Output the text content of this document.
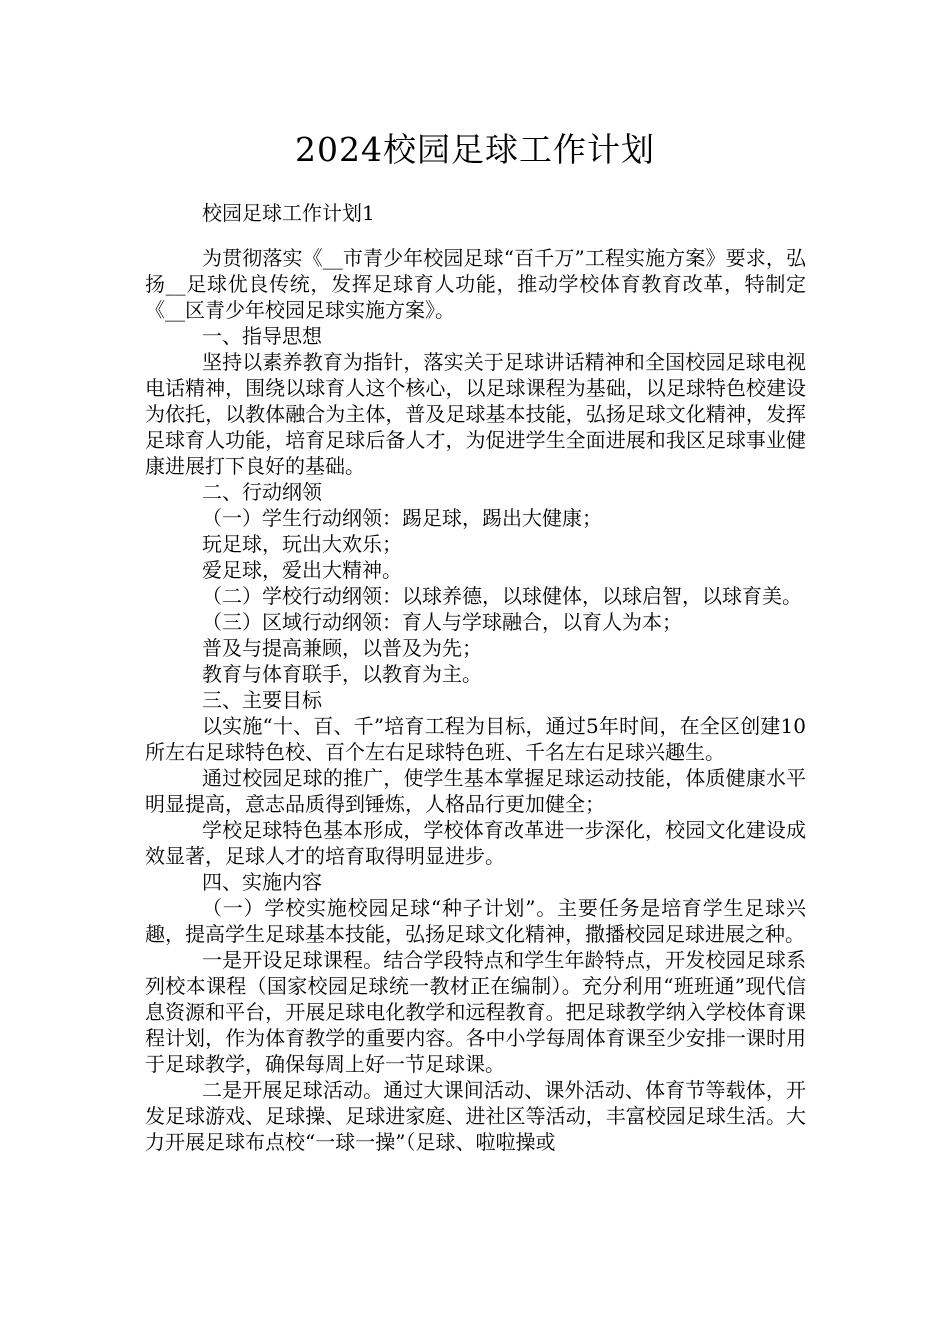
2024校园足球工作计划
校园足球工作计划1

为贯彻落实《__市青少年校园足球“百千万”工程实施方案》要求，弘扬__足球优良传统，发挥足球育人功能，推动学校体育教育改革，特制定《__区青少年校园足球实施方案》。

一、指导思想

坚持以素养教育为指针，落实关于足球讲话精神和全国校园足球电视电话精神，围绕以球育人这个核心，以足球课程为基础，以足球特色校建设为依托，以教体融合为主体，普及足球基本技能，弘扬足球文化精神，发挥足球育人功能，培育足球后备人才，为促进学生全面进展和我区足球事业健康进展打下良好的基础。

二、行动纲领

（一）学生行动纲领：踢足球，踢出大健康；

玩足球，玩出大欢乐；

爱足球，爱出大精神。

（二）学校行动纲领：以球养德，以球健体，以球启智，以球育美。

（三）区域行动纲领：育人与学球融合，以育人为本；

普及与提高兼顾，以普及为先；

教育与体育联手，以教育为主。

三、主要目标

以实施“十、百、千”培育工程为目标，通过5年时间，在全区创建10所左右足球特色校、百个左右足球特色班、千名左右足球兴趣生。

通过校园足球的推广，使学生基本掌握足球运动技能，体质健康水平明显提高，意志品质得到锤炼，人格品行更加健全；

学校足球特色基本形成，学校体育改革进一步深化，校园文化建设成效显著，足球人才的培育取得明显进步。

四、实施内容

（一）学校实施校园足球“种子计划”。主要任务是培育学生足球兴趣，提高学生足球基本技能，弘扬足球文化精神，撒播校园足球进展之种。

一是开设足球课程。结合学段特点和学生年龄特点，开发校园足球系列校本课程（国家校园足球统一教材正在编制）。充分利用“班班通”现代信息资源和平台，开展足球电化教学和远程教育。把足球教学纳入学校体育课程计划，作为体育教学的重要内容。各中小学每周体育课至少安排一课时用于足球教学，确保每周上好一节足球课。

二是开展足球活动。通过大课间活动、课外活动、体育节等载体，开发足球游戏、足球操、足球进家庭、进社区等活动，丰富校园足球生活。大力开展足球布点校“一球一操”（足球、啦啦操或
